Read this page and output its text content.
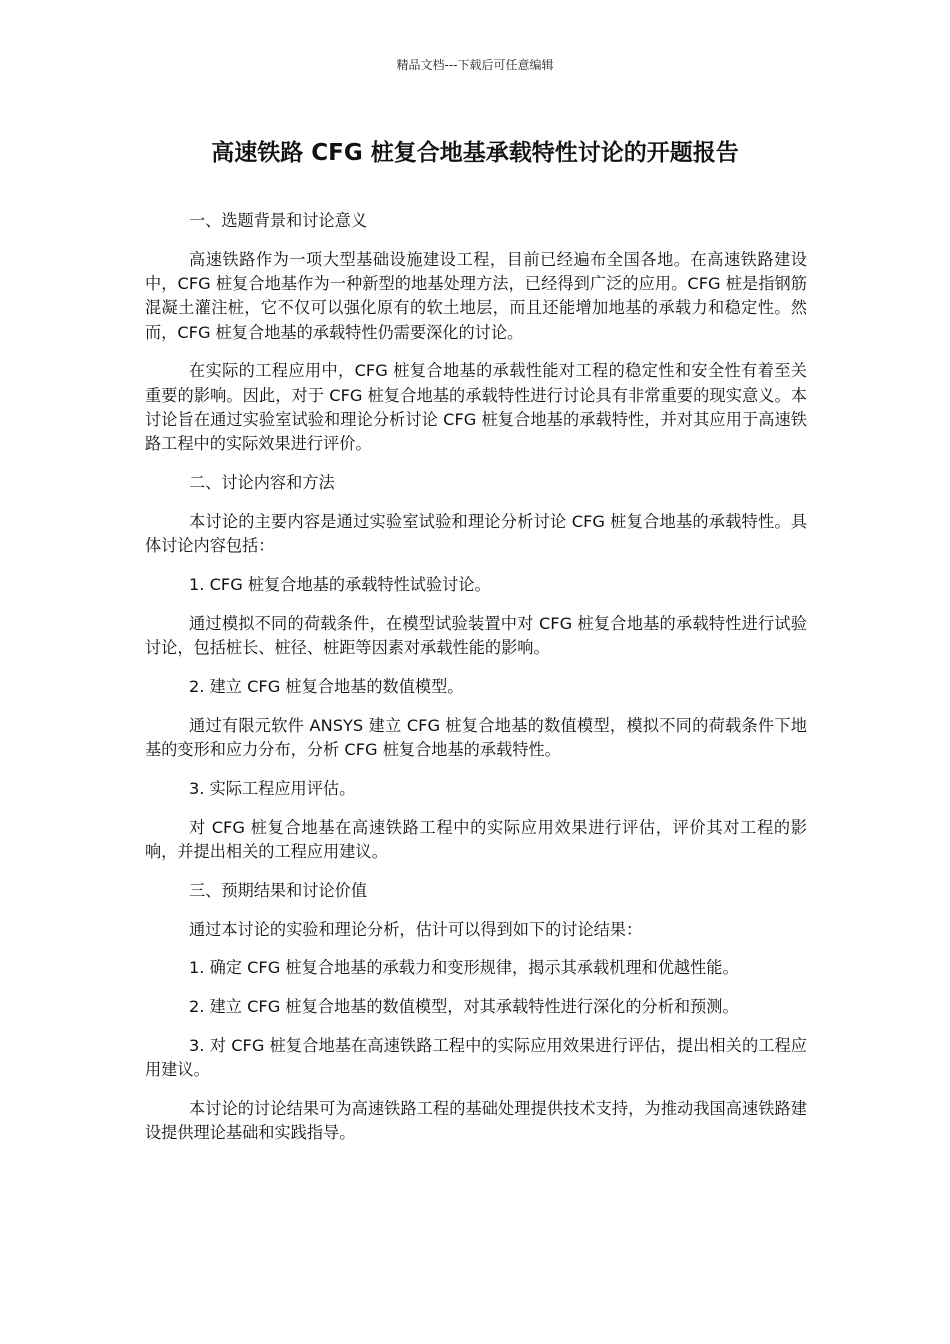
精品文档---下载后可任意编辑
高速铁路 CFG 桩复合地基承载特性讨论的开题报告

一、选题背景和讨论意义

高速铁路作为一项大型基础设施建设工程，目前已经遍布全国各地。在高速铁路建设中，CFG 桩复合地基作为一种新型的地基处理方法，已经得到广泛的应用。CFG 桩是指钢筋混凝土灌注桩，它不仅可以强化原有的软土地层，而且还能增加地基的承载力和稳定性。然而，CFG 桩复合地基的承载特性仍需要深化的讨论。

在实际的工程应用中，CFG 桩复合地基的承载性能对工程的稳定性和安全性有着至关重要的影响。因此，对于 CFG 桩复合地基的承载特性进行讨论具有非常重要的现实意义。本讨论旨在通过实验室试验和理论分析讨论 CFG 桩复合地基的承载特性，并对其应用于高速铁路工程中的实际效果进行评价。

二、讨论内容和方法

本讨论的主要内容是通过实验室试验和理论分析讨论 CFG 桩复合地基的承载特性。具体讨论内容包括：

1. CFG 桩复合地基的承载特性试验讨论。

通过模拟不同的荷载条件，在模型试验装置中对 CFG 桩复合地基的承载特性进行试验讨论，包括桩长、桩径、桩距等因素对承载性能的影响。

2. 建立 CFG 桩复合地基的数值模型。

通过有限元软件 ANSYS 建立 CFG 桩复合地基的数值模型，模拟不同的荷载条件下地基的变形和应力分布，分析 CFG 桩复合地基的承载特性。

3. 实际工程应用评估。

对 CFG 桩复合地基在高速铁路工程中的实际应用效果进行评估，评价其对工程的影响，并提出相关的工程应用建议。

三、预期结果和讨论价值

通过本讨论的实验和理论分析，估计可以得到如下的讨论结果：

1. 确定 CFG 桩复合地基的承载力和变形规律，揭示其承载机理和优越性能。

2. 建立 CFG 桩复合地基的数值模型，对其承载特性进行深化的分析和预测。

3. 对 CFG 桩复合地基在高速铁路工程中的实际应用效果进行评估，提出相关的工程应用建议。

本讨论的讨论结果可为高速铁路工程的基础处理提供技术支持，为推动我国高速铁路建设提供理论基础和实践指导。
